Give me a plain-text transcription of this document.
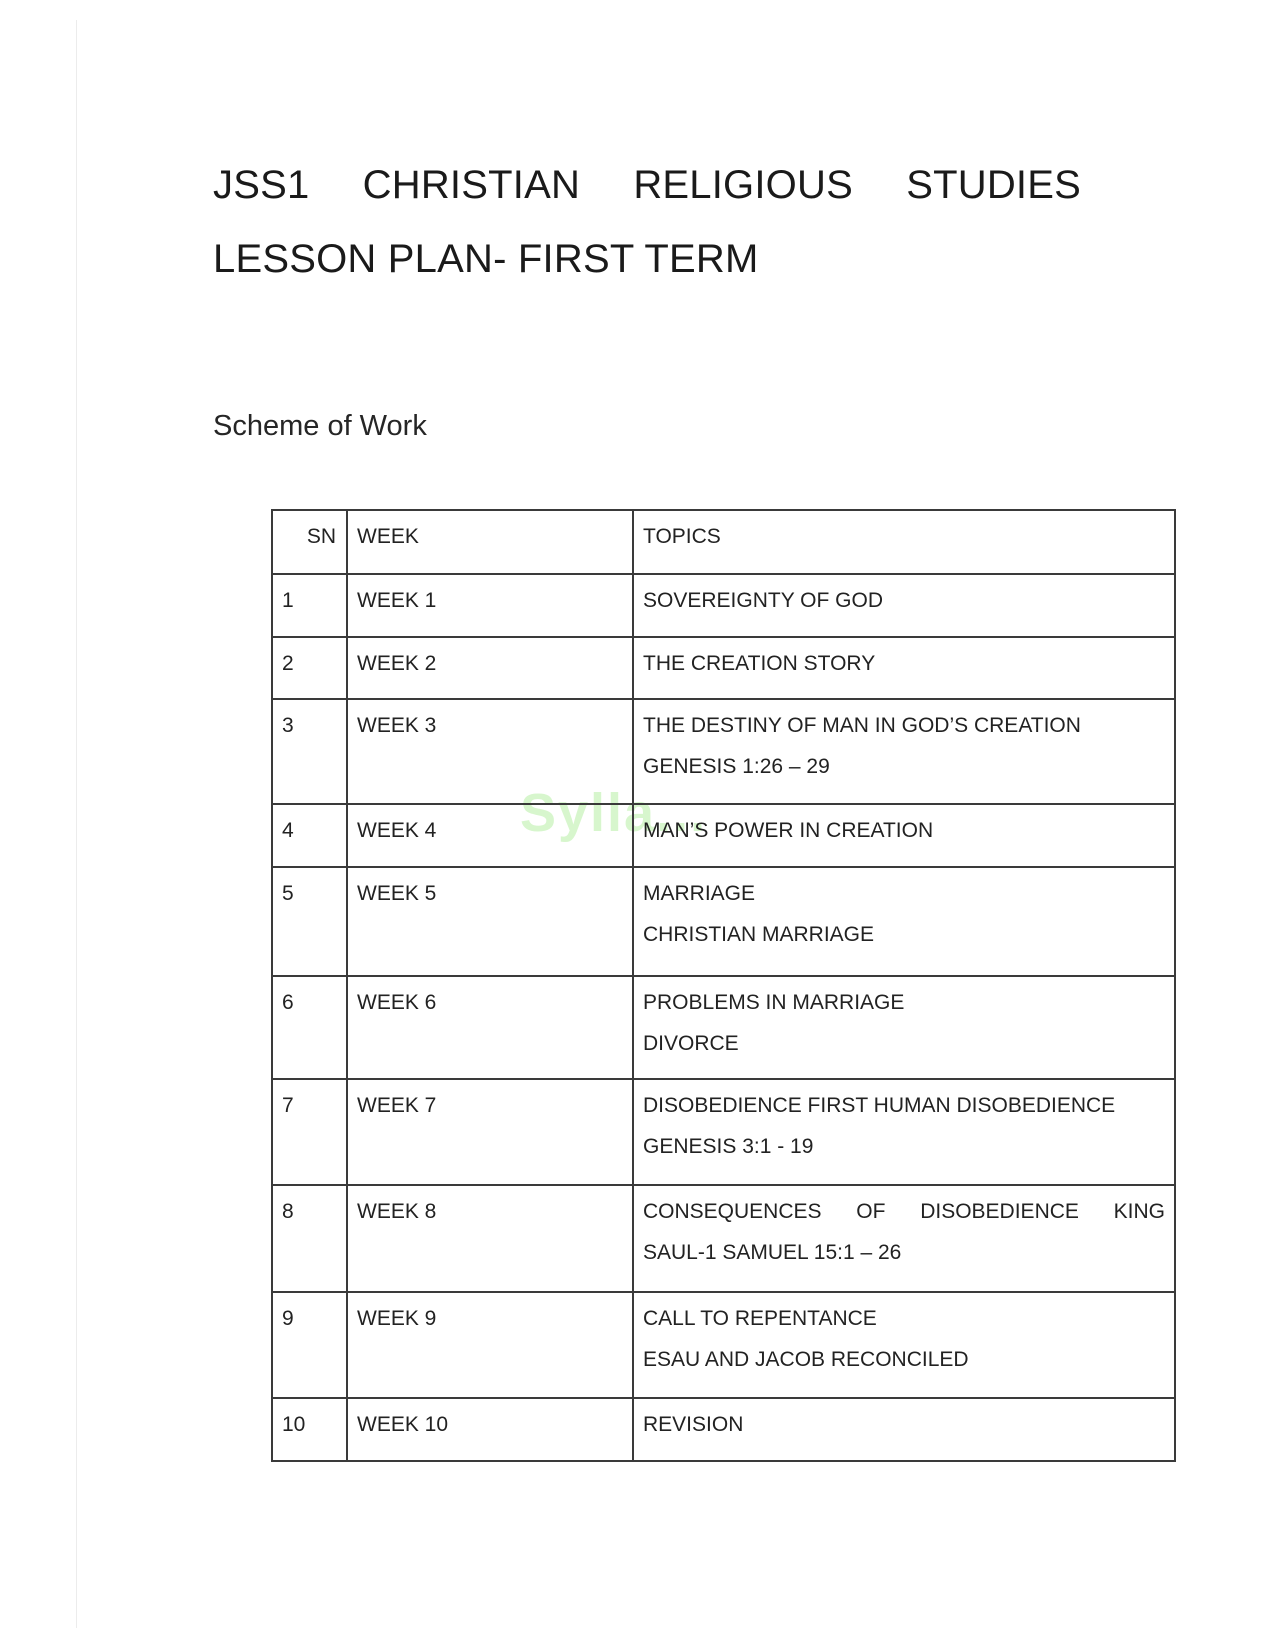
JSS1 CHRISTIAN RELIGIOUS STUDIES
LESSON PLAN- FIRST TERM
Scheme of Work
Sylla...
SN	WEEK	TOPICS

1	WEEK 1	SOVEREIGNTY OF GOD

2	WEEK 2	THE CREATION STORY

3	WEEK 3	THE DESTINY OF MAN IN GOD’S CREATION
GENESIS 1:26 – 29

4	WEEK 4	MAN’S POWER IN CREATION

5	WEEK 5	MARRIAGE
CHRISTIAN MARRIAGE

6	WEEK 6	PROBLEMS IN MARRIAGE
DIVORCE

7	WEEK 7	DISOBEDIENCE FIRST HUMAN DISOBEDIENCE
GENESIS 3:1 - 19

8	WEEK 8	CONSEQUENCES OF DISOBEDIENCE KING
SAUL-1 SAMUEL 15:1 – 26

9	WEEK 9	CALL TO REPENTANCE
ESAU AND JACOB RECONCILED

10	WEEK 10	REVISION
